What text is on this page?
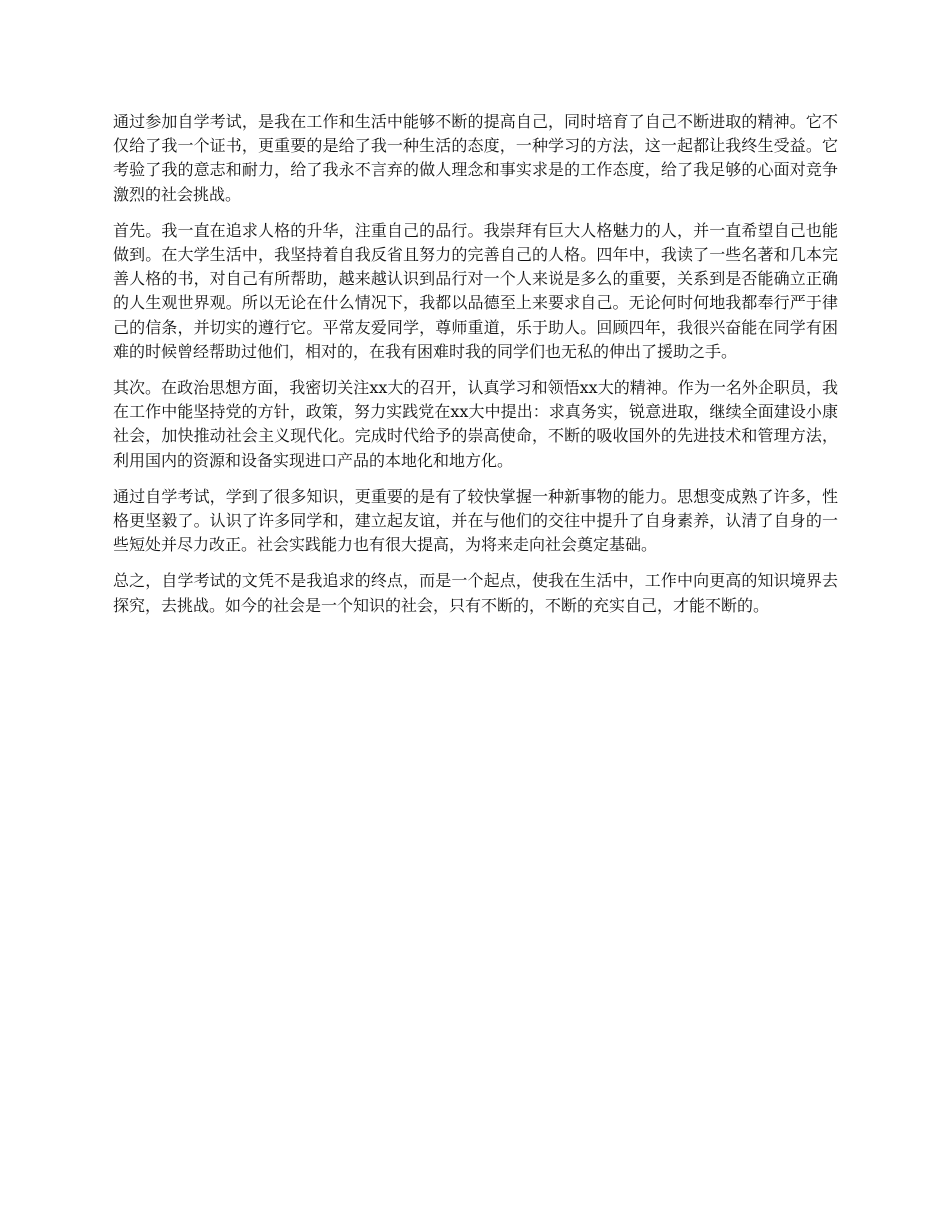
通过参加自学考试，是我在工作和生活中能够不断的提高自己，同时培育了自己不断进取的精神。它不仅给了我一个证书，更重要的是给了我一种生活的态度，一种学习的方法，这一起都让我终生受益。它考验了我的意志和耐力，给了我永不言弃的做人理念和事实求是的工作态度，给了我足够的心面对竞争激烈的社会挑战。

首先。我一直在追求人格的升华，注重自己的品行。我崇拜有巨大人格魅力的人，并一直希望自己也能做到。在大学生活中，我坚持着自我反省且努力的完善自己的人格。四年中，我读了一些名著和几本完善人格的书，对自己有所帮助，越来越认识到品行对一个人来说是多么的重要，关系到是否能确立正确的人生观世界观。所以无论在什么情况下，我都以品德至上来要求自己。无论何时何地我都奉行严于律己的信条，并切实的遵行它。平常友爱同学，尊师重道，乐于助人。回顾四年，我很兴奋能在同学有困难的时候曾经帮助过他们，相对的，在我有困难时我的同学们也无私的伸出了援助之手。

其次。在政治思想方面，我密切关注xx大的召开，认真学习和领悟xx大的精神。作为一名外企职员，我在工作中能坚持党的方针，政策，努力实践党在xx大中提出：求真务实，锐意进取，继续全面建设小康社会，加快推动社会主义现代化。完成时代给予的崇高使命，不断的吸收国外的先进技术和管理方法，利用国内的资源和设备实现进口产品的本地化和地方化。

通过自学考试，学到了很多知识，更重要的是有了较快掌握一种新事物的能力。思想变成熟了许多，性格更坚毅了。认识了许多同学和，建立起友谊，并在与他们的交往中提升了自身素养，认清了自身的一些短处并尽力改正。社会实践能力也有很大提高，为将来走向社会奠定基础。

总之，自学考试的文凭不是我追求的终点，而是一个起点，使我在生活中，工作中向更高的知识境界去探究，去挑战。如今的社会是一个知识的社会，只有不断的，不断的充实自己，才能不断的。
